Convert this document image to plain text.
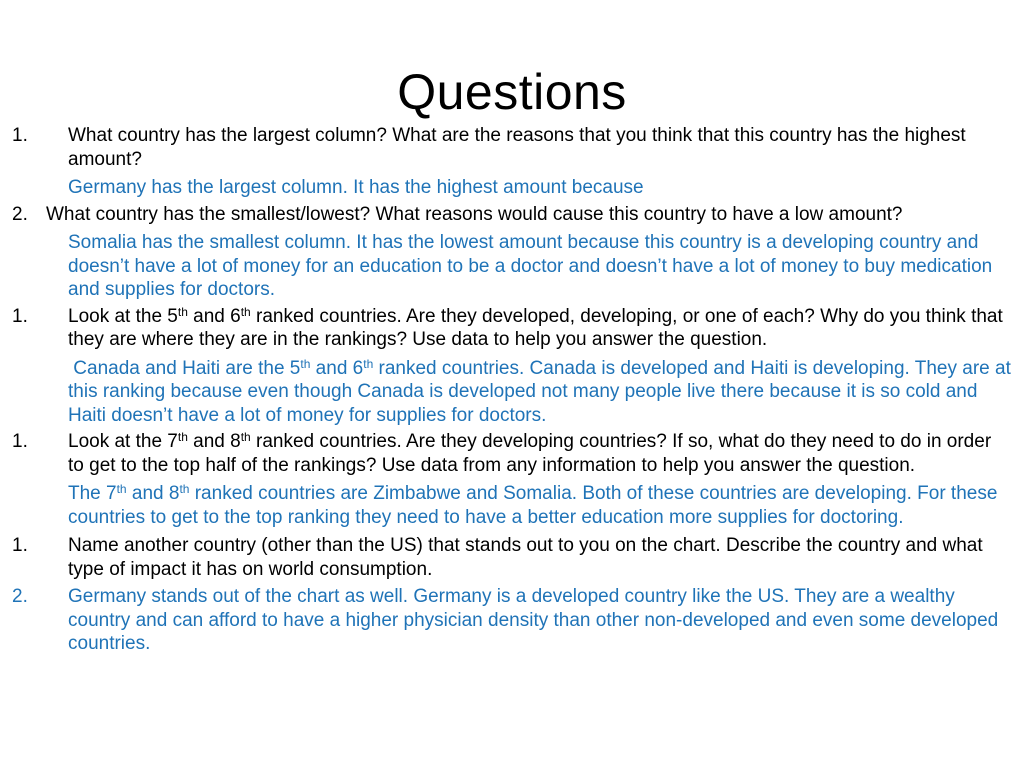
Questions

1.	What country has the largest column? What are the reasons that you think that this country has the highest amount?

Germany has the largest column. It has the highest amount because

2. What country has the smallest/lowest? What reasons would cause this country to have a low amount?

Somalia has the smallest column. It has the lowest amount because this country is a developing country and doesn’t have a lot of money for an education to be a doctor and doesn’t have a lot of money to buy medication and supplies for doctors.

1.	Look at the 5th and 6th ranked countries. Are they developed, developing, or one of each? Why do you think that they are where they are in the rankings? Use data to help you answer the question.

Canada and Haiti are the 5th and 6th ranked countries. Canada is developed and Haiti is developing. They are at this ranking because even though Canada is developed not many people live there because it is so cold and Haiti doesn’t have a lot of money for supplies for doctors.

1.	Look at the 7th and 8th ranked countries. Are they developing countries? If so, what do they need to do in order to get to the top half of the rankings? Use data from any information to help you answer the question.

The 7th and 8th ranked countries are Zimbabwe and Somalia. Both of these countries are developing. For these countries to get to the top ranking they need to have a better education more supplies for doctoring.

1.	Name another country (other than the US) that stands out to you on the chart. Describe the country and what type of impact it has on world consumption.

2.	Germany stands out of the chart as well. Germany is a developed country like the US. They are a wealthy country and can afford to have a higher physician density than other non-developed and even some developed countries.
